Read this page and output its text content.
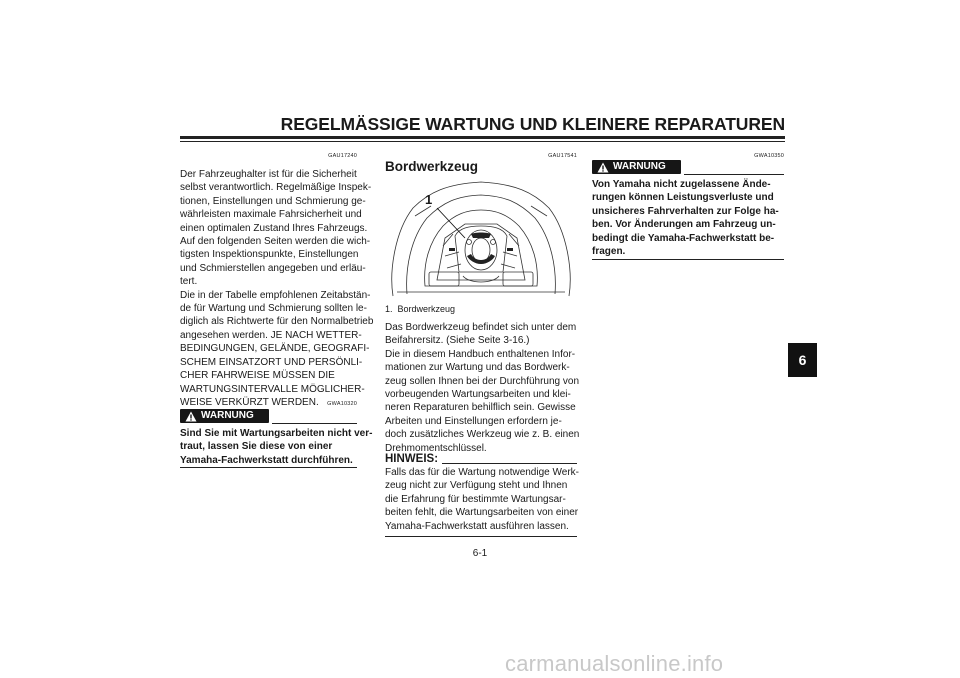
REGELMÄSSIGE WARTUNG UND KLEINERE REPARATUREN
GAU17240
Der Fahrzeughalter ist für die Sicherheit
selbst verantwortlich. Regelmäßige Inspek-
tionen, Einstellungen und Schmierung ge-
währleisten maximale Fahrsicherheit und
einen optimalen Zustand Ihres Fahrzeugs.
Auf den folgenden Seiten werden die wich-
tigsten Inspektionspunkte, Einstellungen
und Schmierstellen angegeben und erläu-
tert.
Die in der Tabelle empfohlenen Zeitabstän-
de für Wartung und Schmierung sollten le-
diglich als Richtwerte für den Normalbetrieb
angesehen werden. JE NACH WETTER-
BEDINGUNGEN, GELÄNDE, GEOGRAFI-
SCHEM EINSATZORT UND PERSÖNLI-
CHER FAHRWEISE MÜSSEN DIE
WARTUNGSINTERVALLE MÖGLICHER-
WEISE VERKÜRZT WERDEN.	GWA10320
WARNUNG
Sind Sie mit Wartungsarbeiten nicht ver-
traut, lassen Sie diese von einer
Yamaha-Fachwerkstatt durchführen.
GAU17541
Bordwerkzeug
1
1.  Bordwerkzeug
Das Bordwerkzeug befindet sich unter dem
Beifahrersitz. (Siehe Seite 3-16.)
Die in diesem Handbuch enthaltenen Infor-
mationen zur Wartung und das Bordwerk-
zeug sollen Ihnen bei der Durchführung von
vorbeugenden Wartungsarbeiten und klei-
neren Reparaturen behilflich sein. Gewisse
Arbeiten und Einstellungen erfordern je-
doch zusätzliches Werkzeug wie z. B. einen
Drehmomentschlüssel.
HINWEIS:
Falls das für die Wartung notwendige Werk-
zeug nicht zur Verfügung steht und Ihnen
die Erfahrung für bestimmte Wartungsar-
beiten fehlt, die Wartungsarbeiten von einer
Yamaha-Fachwerkstatt ausführen lassen.
GWA10350
WARNUNG
Von Yamaha nicht zugelassene Ände-
rungen können Leistungsverluste und
unsicheres Fahrverhalten zur Folge ha-
ben. Vor Änderungen am Fahrzeug un-
bedingt die Yamaha-Fachwerkstatt be-
fragen.
6
6-1
carmanualsonline.info
